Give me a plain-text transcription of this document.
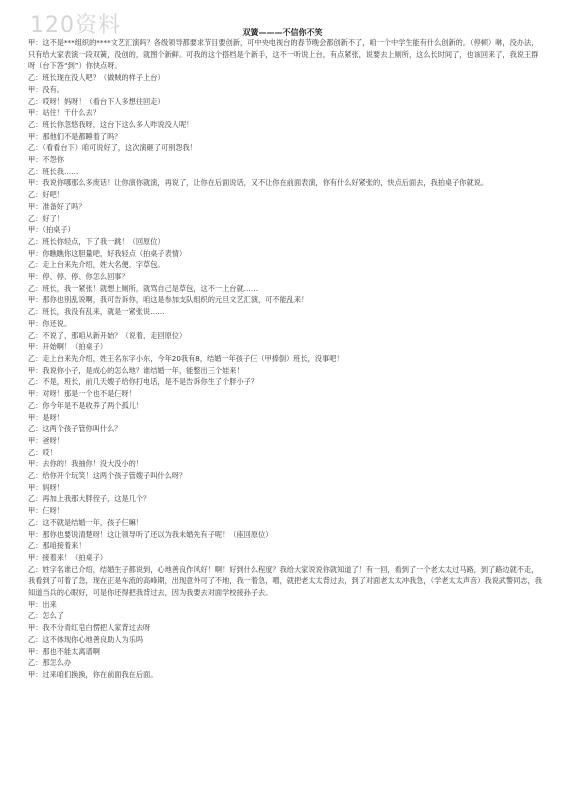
120资料	双簧———不信你不笑
甲：这不是***组织的****文艺汇演吗？各级领导都要求节目要创新，可中央电视台的春节晚会都创新不了，咱一个中学生能有什么创新的。（停顿）咻，没办法，只有给大家表演一段双簧，没创的，就图个新鲜。可我的这个搭档是个新手，这不一听说上台，有点紧张，说要去上厕所，这么长时间了，也该回来了，我说王群呀（台下答“到”）你快点呀。
乙：班长现在没人吧？（做贼的样子上台）
甲：没有。
乙：哎呀！妈呀！（看台下人多想往回走）
甲：站住！干什么去？
乙：班长你忽悠我呀，这台下这么多人咋说没人呢！
甲：那他们不是都睡着了吗？
乙：（看看台下）咱可说好了，这次演砸了可别怨我！
甲：不怨你
乙：班长我……
甲：我说你哪那么多废话！让你演你就演，再说了，让你在后面说话，又不让你在前面表演，你有什么好紧张的，快点后面去，我拍桌子你就说。
乙：好吧！
甲：准备好了吗？
乙：好了！
甲：（拍桌子）
乙：班长你轻点，下了我一跳！（回原位）
甲：你瞧瞧你这胆量吧，好我轻点（拍桌子表情）
乙：走上台来先介绍，姓大名便、字草包。
甲：停、停、停、你怎么回事？
乙：班长，我一紧张！就想上厕所，就骂自己是草包，这不一上台就……
甲：那你也别乱说啊，我可告诉你，咱这是参加支队组织的元旦文艺汇演，可不能乱来！
乙：班长，我没有乱来，就是一紧张说……
甲：你还说。
乙：不说了，那咱从新开始？（说着，走回原位）
甲：开始啊！（拍桌子）
乙：走上台来先介绍，姓王名东字小东，今年20我有8，结婚一年孩子仨（甲捧倒）班长，没事吧！
甲：我说你小子，是成心的怎么地？谁结婚一年，能整出三个娃来！
乙：不是，班长，前几天嫂子给你打电话，是不是告诉你生了个胖小子？
甲：对呀！那是一个也不是仨呀！
乙：你今年是不是收养了两个孤儿！
甲：是呀！
乙：这两个孩子管你叫什么？
甲：爸呀！
乙：哎！
甲：去你的！我抽你！没大没小的！
乙：给你开个玩笑！这两个孩子管嫂子叫什么呀？
甲：妈呀！
乙：再加上我那大胖侄子，这是几个？
甲：仨呀！
乙：这不就是结婚一年，孩子仨嘛！
甲：那你也要说清楚呀！这让领导听了还以为我未婚先有子呢！（座回原位）
乙：那咱接着来！
甲：接着来！（拍桌子）
乙：姓字名谁已介绍，结婚生子都说到，心地善良作风好！啊！好到什么程度？我给大家说说你就知道了！有一回，看到了一个老太太过马路，到了路边就不走，我看到了可着了急，现在正是车流的高峰期，出现意外可了不地，我一着急，噌，就把老太太背过去，到了对面老太太冲我急，（学老太太声音）我说武警同志，我知道当兵的心眼好，可是你还得把我背过去，因为我要去对面学校接孙子去。
甲：出来
乙：怎么了
甲：我不分青红皂白愣把人家背过去呀
乙：这不体现你心地善良助人为乐吗
甲：那也不能太离谱啊
乙：那怎么办
甲：过来咱们换换，你在前面我在后面。
